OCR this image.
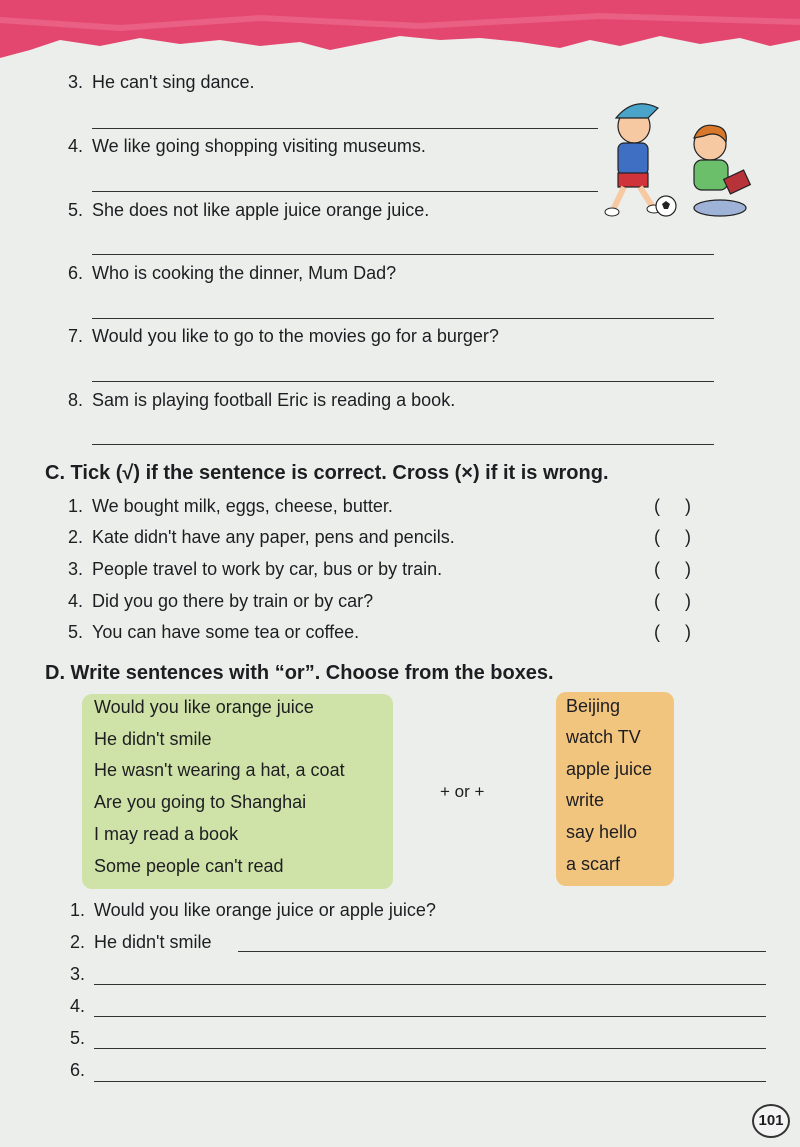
3. He can't sing dance.
4. We like going shopping visiting museums.
5. She does not like apple juice orange juice.
6. Who is cooking the dinner, Mum Dad?
7. Would you like to go to the movies go for a burger?
8. Sam is playing football Eric is reading a book.
C. Tick (√) if the sentence is correct. Cross (×) if it is wrong.
1. We bought milk, eggs, cheese, butter.	(     )
2. Kate didn't have any paper, pens and pencils.	(     )
3. People travel to work by car, bus or by train.	(     )
4. Did you go there by train or by car?	(     )
5. You can have some tea or coffee.	(     )
D. Write sentences with “or”. Choose from the boxes.
Would you like orange juice
He didn't smile
He wasn't wearing a hat, a coat
Are you going to Shanghai
I may read a book
Some people can't read
+ or +
Beijing
watch TV
apple juice
write
say hello
a scarf
1. Would you like orange juice or apple juice?
2. He didn't smile
3.
4.
5.
6.
101
